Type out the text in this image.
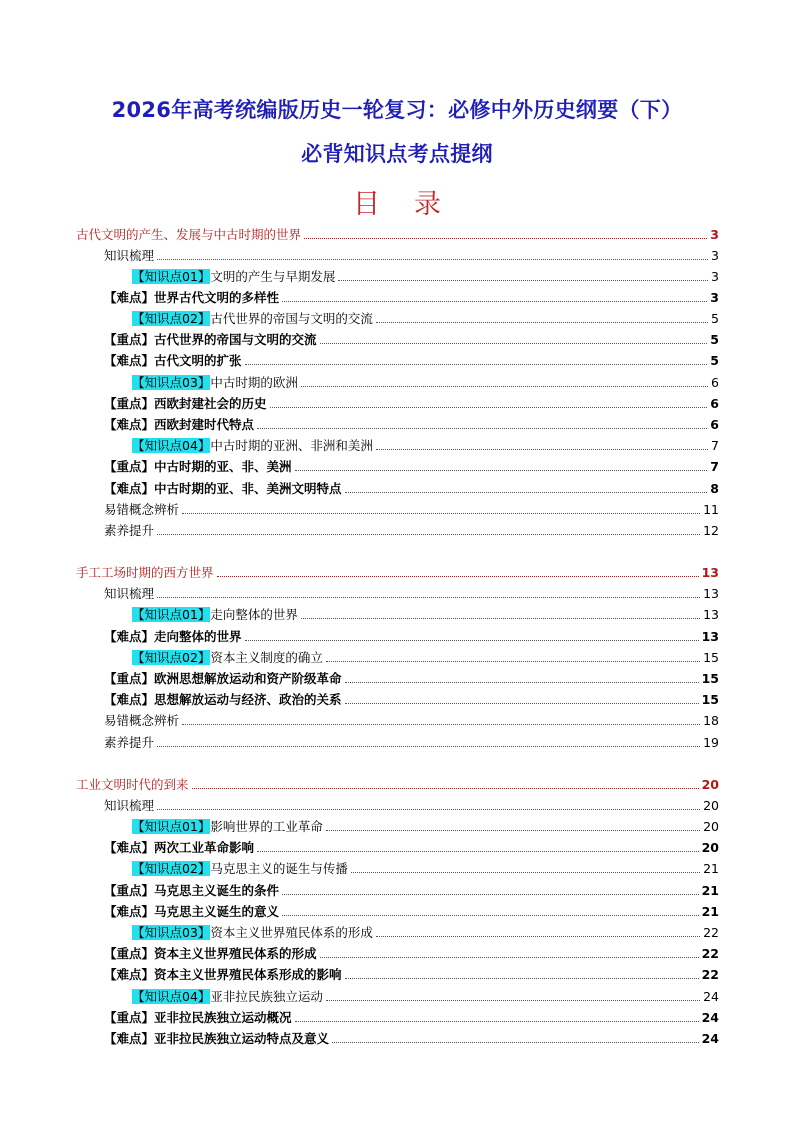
2026年高考统编版历史一轮复习：必修中外历史纲要（下）
必背知识点考点提纲
目录
古代文明的产生、发展与中古时期的世界	3
知识梳理	3
【知识点01】文明的产生与早期发展	3
【难点】世界古代文明的多样性	3
【知识点02】古代世界的帝国与文明的交流	5
【重点】古代世界的帝国与文明的交流	5
【难点】古代文明的扩张	5
【知识点03】中古时期的欧洲	6
【重点】西欧封建社会的历史	6
【难点】西欧封建时代特点	6
【知识点04】中古时期的亚洲、非洲和美洲	7
【重点】中古时期的亚、非、美洲	7
【难点】中古时期的亚、非、美洲文明特点	8
易错概念辨析	11
素养提升	12
手工工场时期的西方世界	13
知识梳理	13
【知识点01】走向整体的世界	13
【难点】走向整体的世界	13
【知识点02】资本主义制度的确立	15
【重点】欧洲思想解放运动和资产阶级革命	15
【难点】思想解放运动与经济、政治的关系	15
易错概念辨析	18
素养提升	19
工业文明时代的到来	20
知识梳理	20
【知识点01】影响世界的工业革命	20
【难点】两次工业革命影响	20
【知识点02】马克思主义的诞生与传播	21
【重点】马克思主义诞生的条件	21
【难点】马克思主义诞生的意义	21
【知识点03】资本主义世界殖民体系的形成	22
【重点】资本主义世界殖民体系的形成	22
【难点】资本主义世界殖民体系形成的影响	22
【知识点04】亚非拉民族独立运动	24
【重点】亚非拉民族独立运动概况	24
【难点】亚非拉民族独立运动特点及意义	24
